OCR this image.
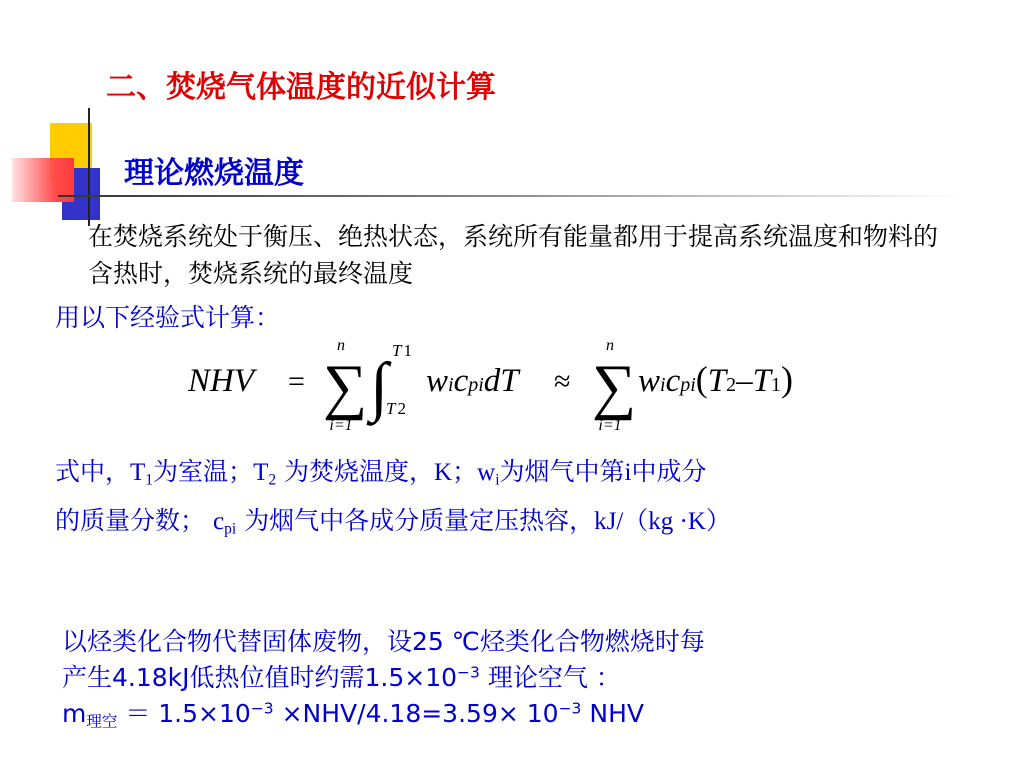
二、焚烧气体温度的近似计算
理论燃烧温度
在焚烧系统处于衡压、绝热状态，系统所有能量都用于提高系统温度和物料的含热时，焚烧系统的最终温度
用以下经验式计算：
NHV =
n
∑
i=1
∫ T 1
T 2
wicpidT ≈
n
∑
i=1
wicpi(T2–T1)
式中，$T_1$为室温；$T_2$ 为焚烧温度，K；$w_i$为烟气中第i中成分
的质量分数； $c_{pi}$ 为烟气中各成分质量定压热容，kJ/（kg ·K）
以烃类化合物代替固体废物，设25 ℃烃类化合物燃烧时每
产生4.18kJ低热位值时约需$1.5\times 10^{-3}$ 理论空气 ：
$m_{理空} = 1.5\times 10^{-3} \times NHV/4.18=3.59\times 10^{-3}$ NHV
